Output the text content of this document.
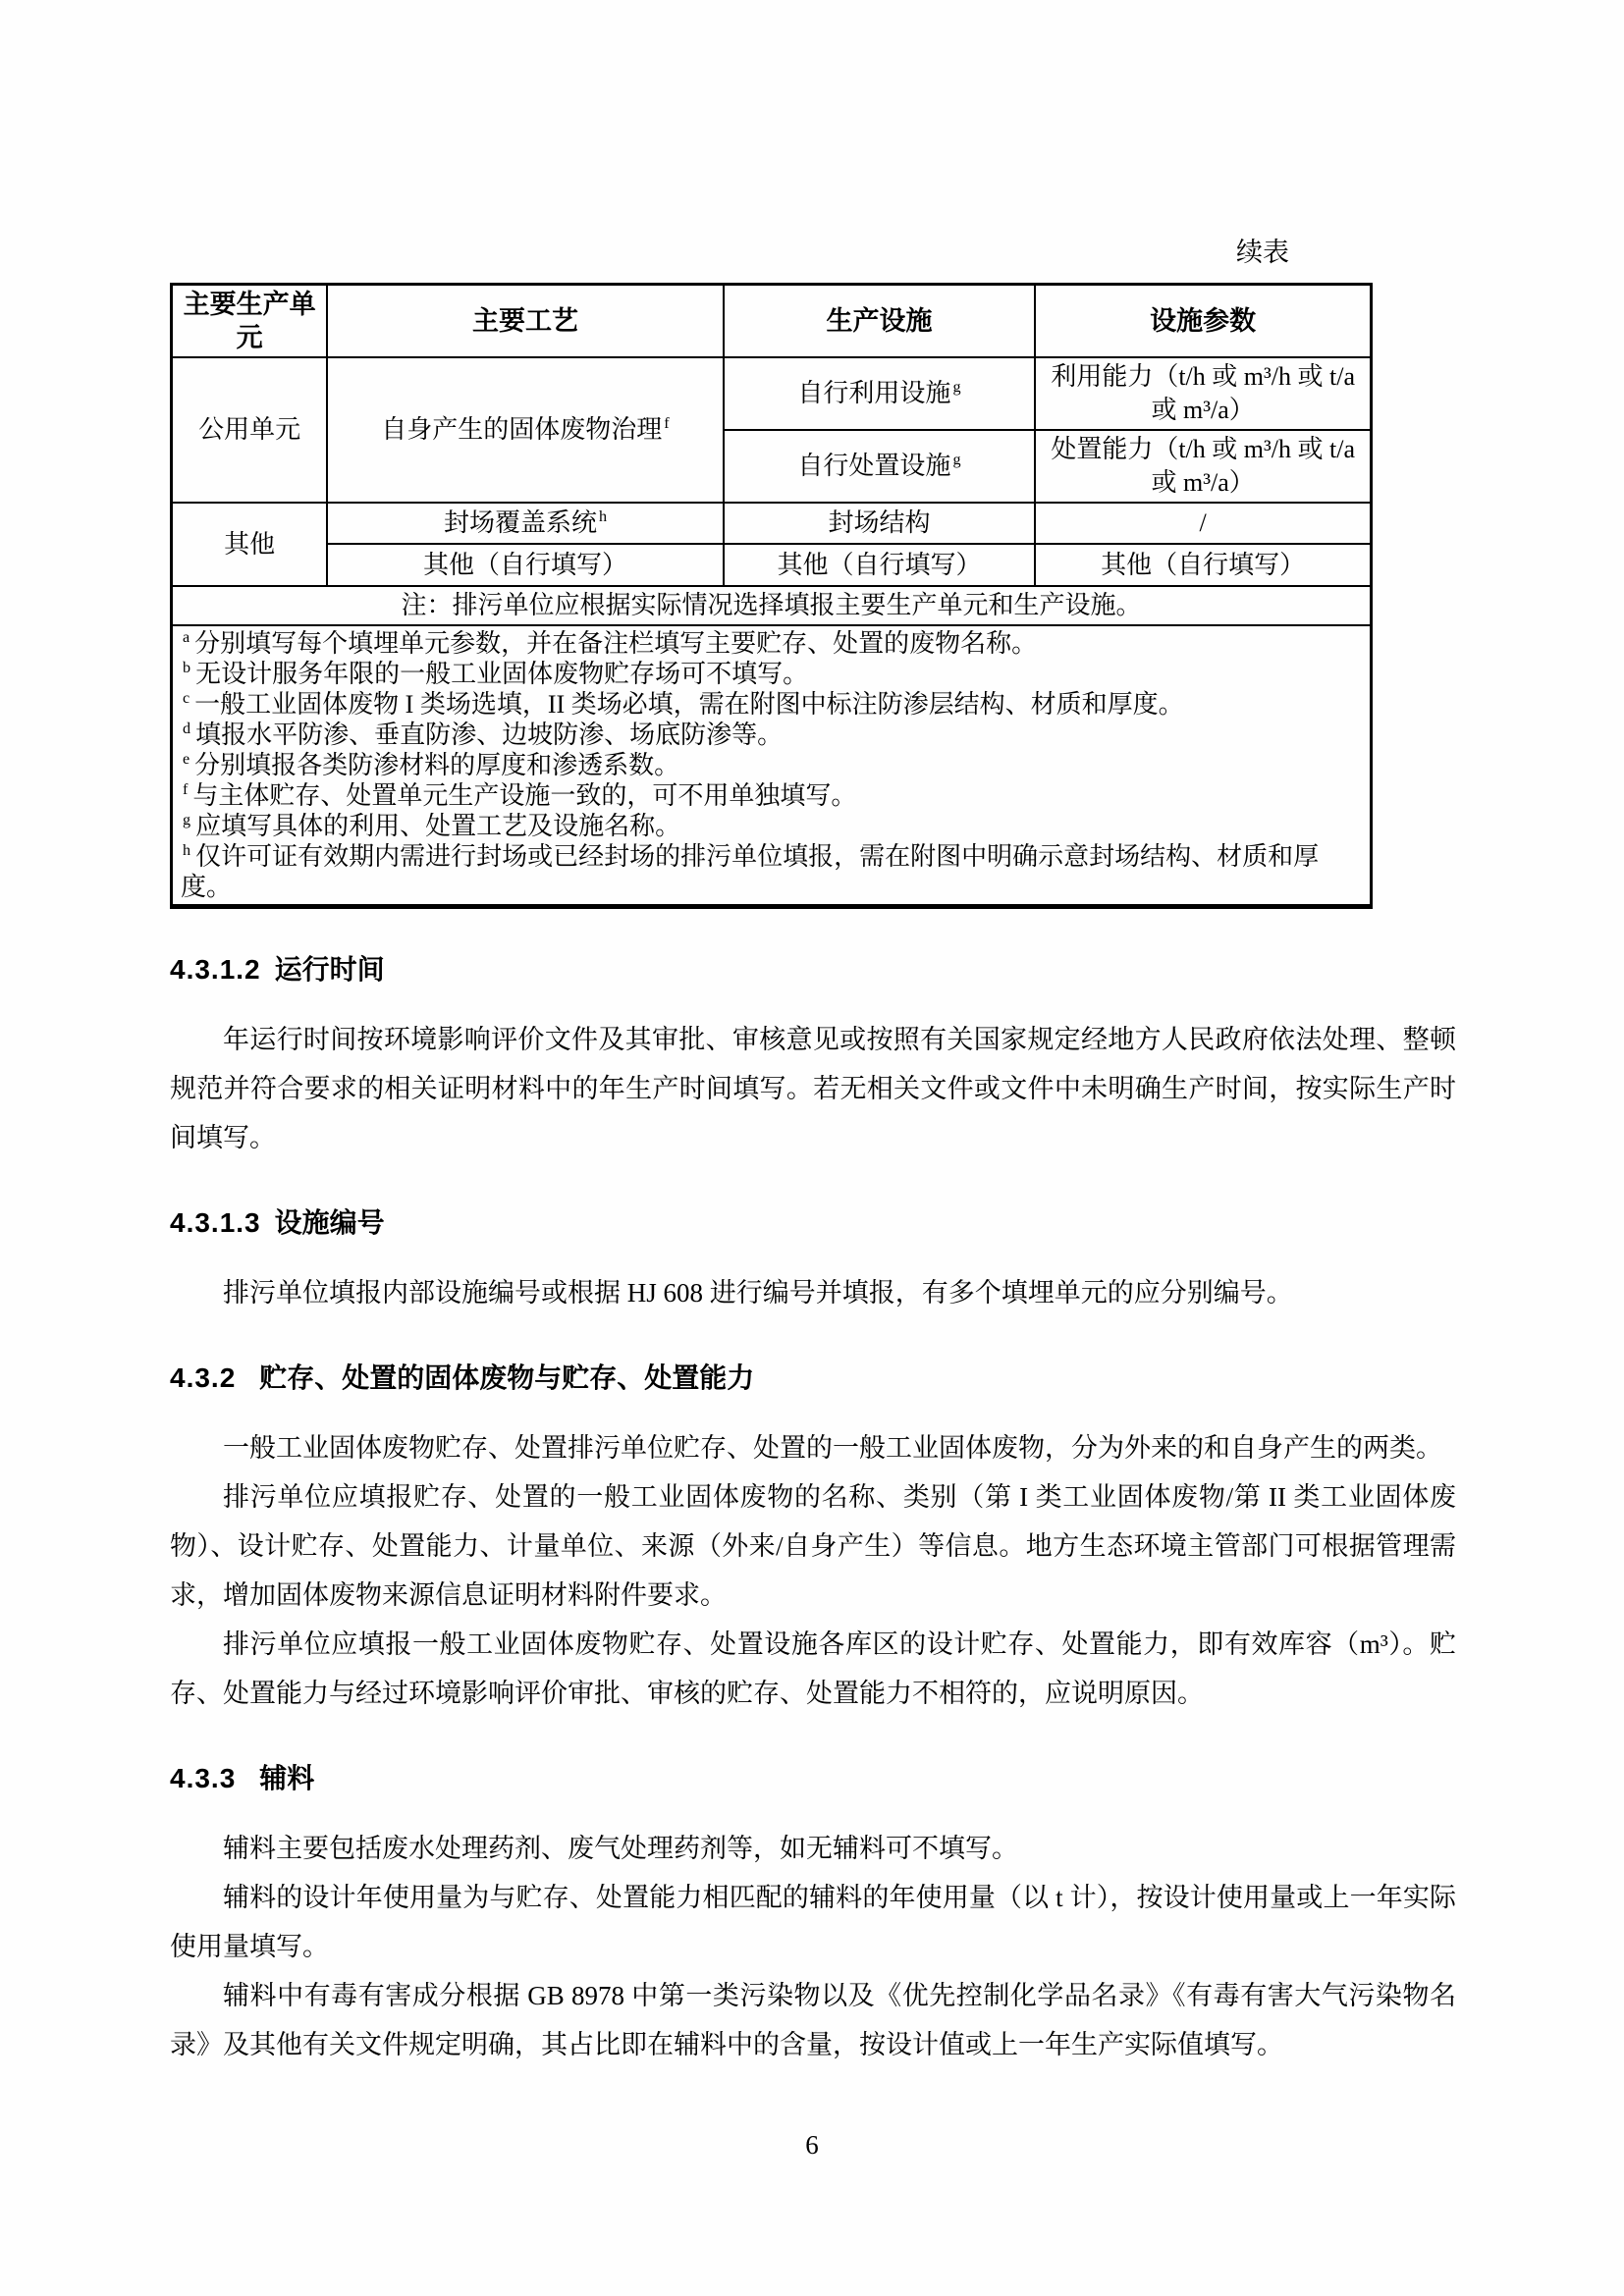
续表
主要生产单元	主要工艺	生产设施	设施参数
公用单元	自身产生的固体废物治理 $^f$	自行利用设施 $^g$	利用能力（t/h 或 m³/h 或 t/a 或 m³/a）
		自行处置设施 $^g$	处置能力（t/h 或 m³/h 或 t/a 或 m³/a）
其他	封场覆盖系统 $^h$	封场结构	/
	其他（自行填写）	其他（自行填写）	其他（自行填写）
注：排污单位应根据实际情况选择填报主要生产单元和生产设施。			

$^a$ 分别填写每个填埋单元参数，并在备注栏填写主要贮存、处置的废物名称。
$^b$ 无设计服务年限的一般工业固体废物贮存场可不填写。
$^c$ 一般工业固体废物 I 类场选填，II 类场必填，需在附图中标注防渗层结构、材质和厚度。
$^d$ 填报水平防渗、垂直防渗、边坡防渗、场底防渗等。
$^e$ 分别填报各类防渗材料的厚度和渗透系数。
$^f$ 与主体贮存、处置单元生产设施一致的，可不用单独填写。
$^g$ 应填写具体的利用、处置工艺及设施名称。
$^h$ 仅许可证有效期内需进行封场或已经封场的排污单位填报，需在附图中明确示意封场结构、材质和厚度。
4.3.1.2 运行时间

年运行时间按环境影响评价文件及其审批、审核意见或按照有关国家规定经地方人民政府依法处理、整顿规范并符合要求的相关证明材料中的年生产时间填写。若无相关文件或文件中未明确生产时间，按实际生产时间填写。

4.3.1.3 设施编号

排污单位填报内部设施编号或根据 HJ 608 进行编号并填报，有多个填埋单元的应分别编号。

4.3.2 贮存、处置的固体废物与贮存、处置能力

一般工业固体废物贮存、处置排污单位贮存、处置的一般工业固体废物，分为外来的和自身产生的两类。

排污单位应填报贮存、处置的一般工业固体废物的名称、类别（第 I 类工业固体废物/第 II 类工业固体废物）、设计贮存、处置能力、计量单位、来源（外来/自身产生）等信息。地方生态环境主管部门可根据管理需求，增加固体废物来源信息证明材料附件要求。

排污单位应填报一般工业固体废物贮存、处置设施各库区的设计贮存、处置能力，即有效库容（m³）。贮存、处置能力与经过环境影响评价审批、审核的贮存、处置能力不相符的，应说明原因。

4.3.3 辅料

辅料主要包括废水处理药剂、废气处理药剂等，如无辅料可不填写。

辅料的设计年使用量为与贮存、处置能力相匹配的辅料的年使用量（以 t 计），按设计使用量或上一年实际使用量填写。

辅料中有毒有害成分根据 GB 8978 中第一类污染物以及《优先控制化学品名录》《有毒有害大气污染物名录》及其他有关文件规定明确，其占比即在辅料中的含量，按设计值或上一年生产实际值填写。

6
